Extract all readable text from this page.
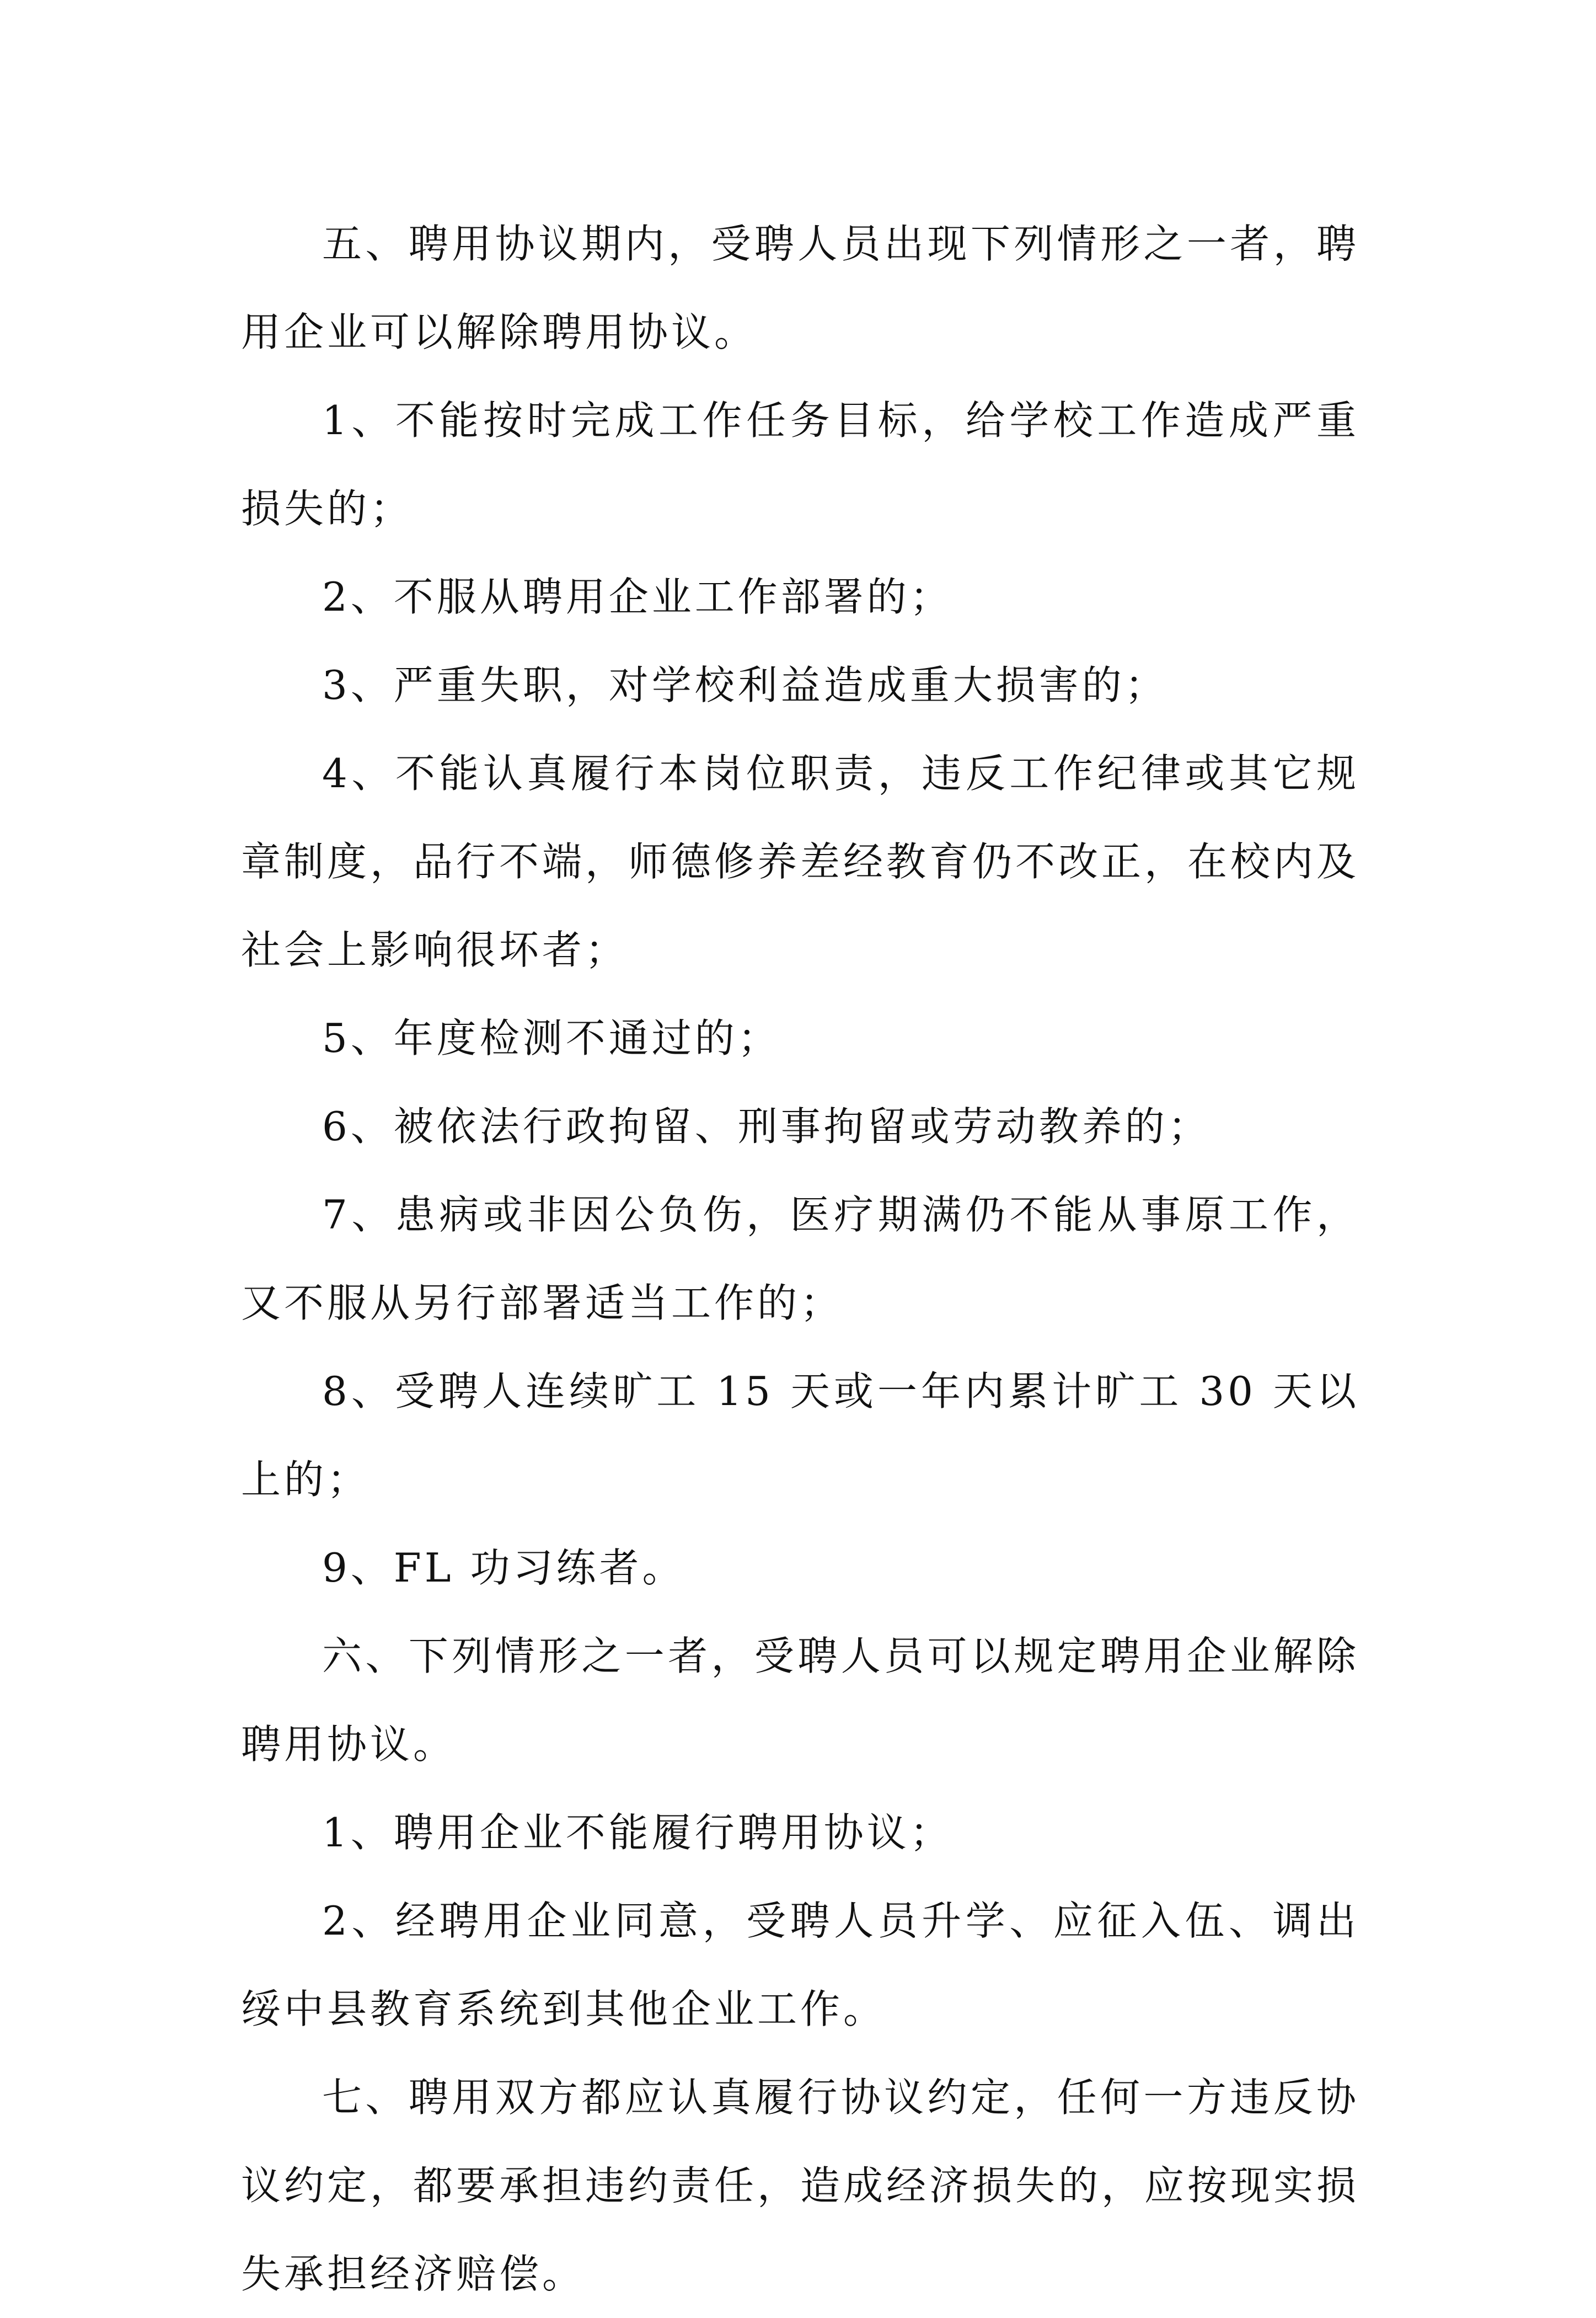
五、聘用协议期内，受聘人员出现下列情形之一者，聘用企业可以解除聘用协议。

1、不能按时完成工作任务目标，给学校工作造成严重损失的；

2、不服从聘用企业工作部署的；

3、严重失职，对学校利益造成重大损害的；

4、不能认真履行本岗位职责，违反工作纪律或其它规章制度，品行不端，师德修养差经教育仍不改正，在校内及社会上影响很坏者；

5、年度检测不通过的；

6、被依法行政拘留、刑事拘留或劳动教养的；

7、患病或非因公负伤，医疗期满仍不能从事原工作，又不服从另行部署适当工作的；

8、受聘人连续旷工 15 天或一年内累计旷工 30 天以上的；

9、FL 功习练者。

六、下列情形之一者，受聘人员可以规定聘用企业解除聘用协议。

1、聘用企业不能履行聘用协议；

2、经聘用企业同意，受聘人员升学、应征入伍、调出绥中县教育系统到其他企业工作。

七、聘用双方都应认真履行协议约定，任何一方违反协议约定，都要承担违约责任，造成经济损失的，应按现实损失承担经济赔偿。
